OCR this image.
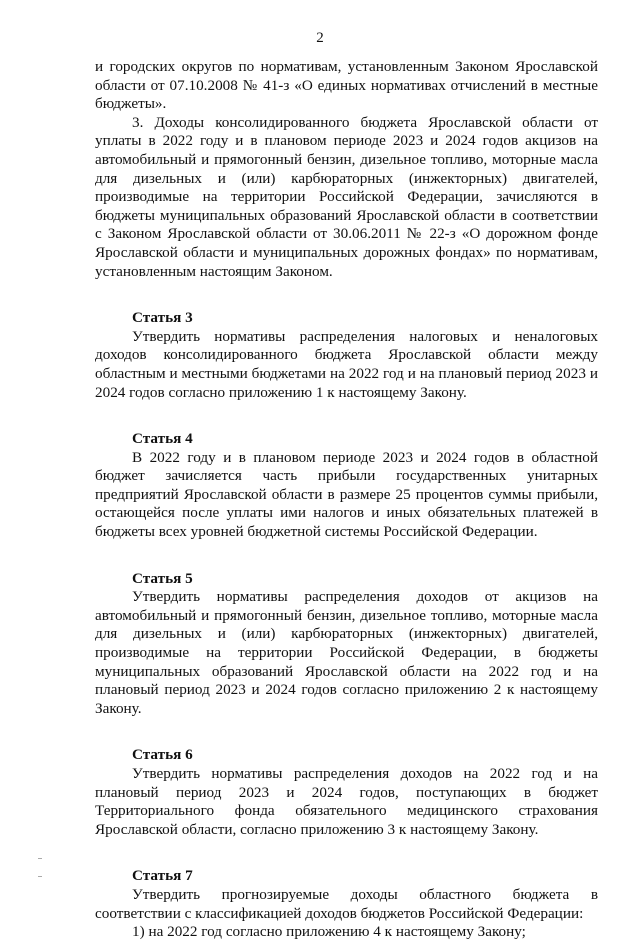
2

и городских округов по нормативам, установленным Законом Ярославской области от 07.10.2008 № 41-з «О единых нормативах отчислений в местные бюджеты».

3. Доходы консолидированного бюджета Ярославской области от уплаты в 2022 году и в плановом периоде 2023 и 2024 годов акцизов на автомобильный и прямогонный бензин, дизельное топливо, моторные масла для дизельных и (или) карбюраторных (инжекторных) двигателей, производимые на территории Российской Федерации, зачисляются в бюджеты муниципальных образований Ярославской области в соответствии с Законом Ярославской области от 30.06.2011 № 22-з «О дорожном фонде Ярославской области и муниципальных дорожных фондах» по нормативам, установленным настоящим Законом.

Статья 3

Утвердить нормативы распределения налоговых и неналоговых доходов консолидированного бюджета Ярославской области между областным и местными бюджетами на 2022 год и на плановый период 2023 и 2024 годов согласно приложению 1 к настоящему Закону.

Статья 4

В 2022 году и в плановом периоде 2023 и 2024 годов в областной бюджет зачисляется часть прибыли государственных унитарных предприятий Ярославской области в размере 25 процентов суммы прибыли, остающейся после уплаты ими налогов и иных обязательных платежей в бюджеты всех уровней бюджетной системы Российской Федерации.

Статья 5

Утвердить нормативы распределения доходов от акцизов на автомобильный и прямогонный бензин, дизельное топливо, моторные масла для дизельных и (или) карбюраторных (инжекторных) двигателей, производимые на территории Российской Федерации, в бюджеты муниципальных образований Ярославской области на 2022 год и на плановый период 2023 и 2024 годов согласно приложению 2 к настоящему Закону.

Статья 6

Утвердить нормативы распределения доходов на 2022 год и на плановый период 2023 и 2024 годов, поступающих в бюджет Территориального фонда обязательного медицинского страхования Ярославской области, согласно приложению 3 к настоящему Закону.

Статья 7

Утвердить прогнозируемые доходы областного бюджета в соответствии с классификацией доходов бюджетов Российской Федерации:

1) на 2022 год согласно приложению 4 к настоящему Закону;
